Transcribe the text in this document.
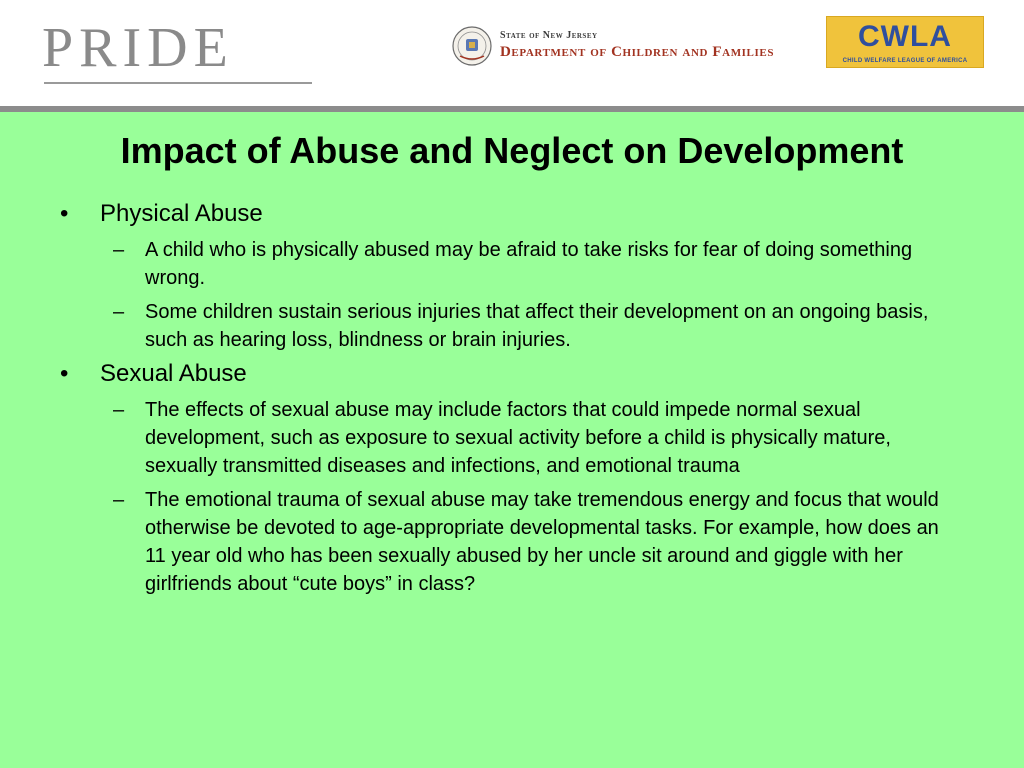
PRIDE	State of New Jersey
Department of Children and Families	CWLA
CHILD WELFARE LEAGUE OF AMERICA
Impact of Abuse and Neglect on Development
• Physical Abuse
– A child who is physically abused may be afraid to take risks for fear of doing something wrong.
– Some children sustain serious injuries that affect their development on an ongoing basis, such as hearing loss, blindness or brain injuries.
• Sexual Abuse
– The effects of sexual abuse may include factors that could impede normal sexual development, such as exposure to sexual activity before a child is physically mature, sexually transmitted diseases and infections, and emotional trauma
– The emotional trauma of sexual abuse may take tremendous energy and focus that would otherwise be devoted to age-appropriate developmental tasks. For example, how does an 11 year old who has been sexually abused by her uncle sit around and giggle with her girlfriends about “cute boys” in class?
